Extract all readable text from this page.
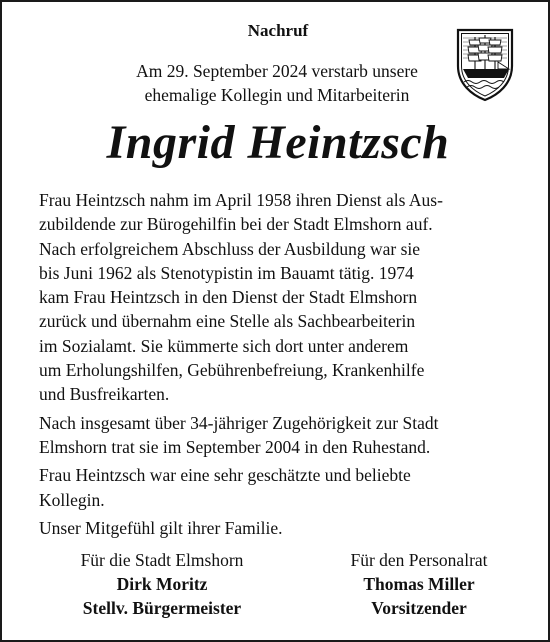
Nachruf
Am 29. September 2024 verstarb unsere
ehemalige Kollegin und Mitarbeiterin
Ingrid Heintzsch

Frau Heintzsch nahm im April 1958 ihren Dienst als Aus-
zubildende zur Bürogehilfin bei der Stadt Elmshorn auf.
Nach erfolgreichem Abschluss der Ausbildung war sie
bis Juni 1962 als Stenotypistin im Bauamt tätig. 1974
kam Frau Heintzsch in den Dienst der Stadt Elmshorn
zurück und übernahm eine Stelle als Sachbearbeiterin
im Sozialamt. Sie kümmerte sich dort unter anderem
um Erholungshilfen, Gebührenbefreiung, Krankenhilfe
und Busfreikarten.

Nach insgesamt über 34-jähriger Zugehörigkeit zur Stadt
Elmshorn trat sie im September 2004 in den Ruhestand.

Frau Heintzsch war eine sehr geschätzte und beliebte
Kollegin.

Unser Mitgefühl gilt ihrer Familie.

Für die Stadt Elmshorn
Dirk Moritz
Stellv. Bürgermeister
Für den Personalrat
Thomas Miller
Vorsitzender
